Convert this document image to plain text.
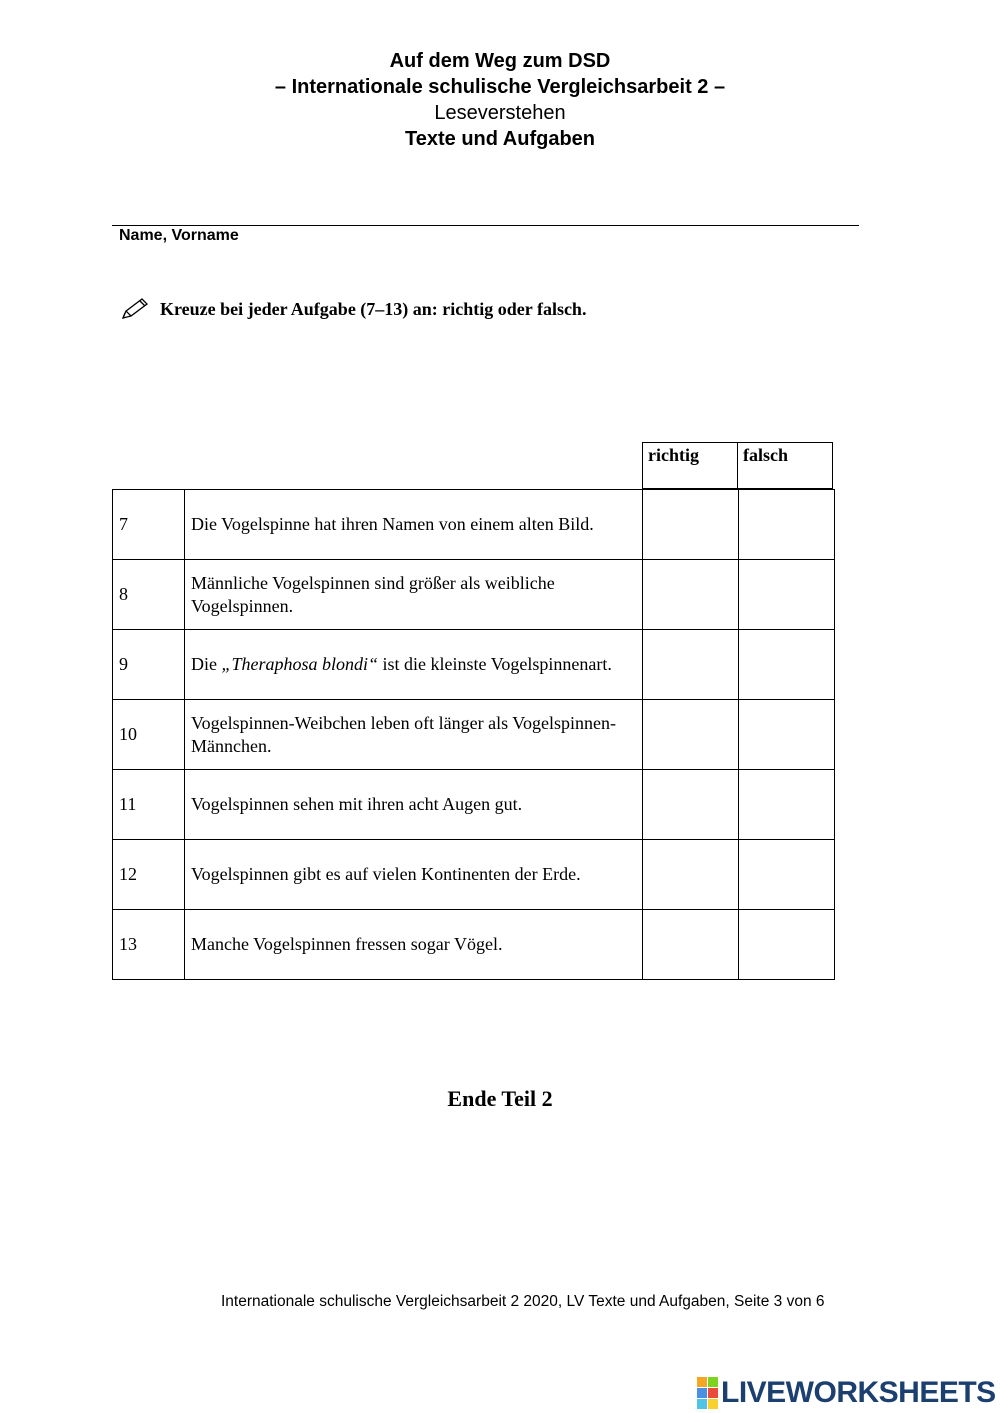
Auf dem Weg zum DSD
– Internationale schulische Vergleichsarbeit 2 –
Leseverstehen
Texte und Aufgaben
Name, Vorname
Kreuze bei jeder Aufgabe (7–13) an: richtig oder falsch.
richtig	falsch
7	Die Vogelspinne hat ihren Namen von einem alten Bild.		
8	Männliche Vogelspinnen sind größer als weibliche Vogelspinnen.		
9	Die „Theraphosa blondi“ ist die kleinste Vogelspinnenart.		
10	Vogelspinnen-Weibchen leben oft länger als Vogelspinnen-Männchen.		
11	Vogelspinnen sehen mit ihren acht Augen gut.		
12	Vogelspinnen gibt es auf vielen Kontinenten der Erde.		
13	Manche Vogelspinnen fressen sogar Vögel.		
Ende Teil 2
Internationale schulische Vergleichsarbeit 2 2020, LV Texte und Aufgaben, Seite 3 von 6
LIVEWORKSHEETS
